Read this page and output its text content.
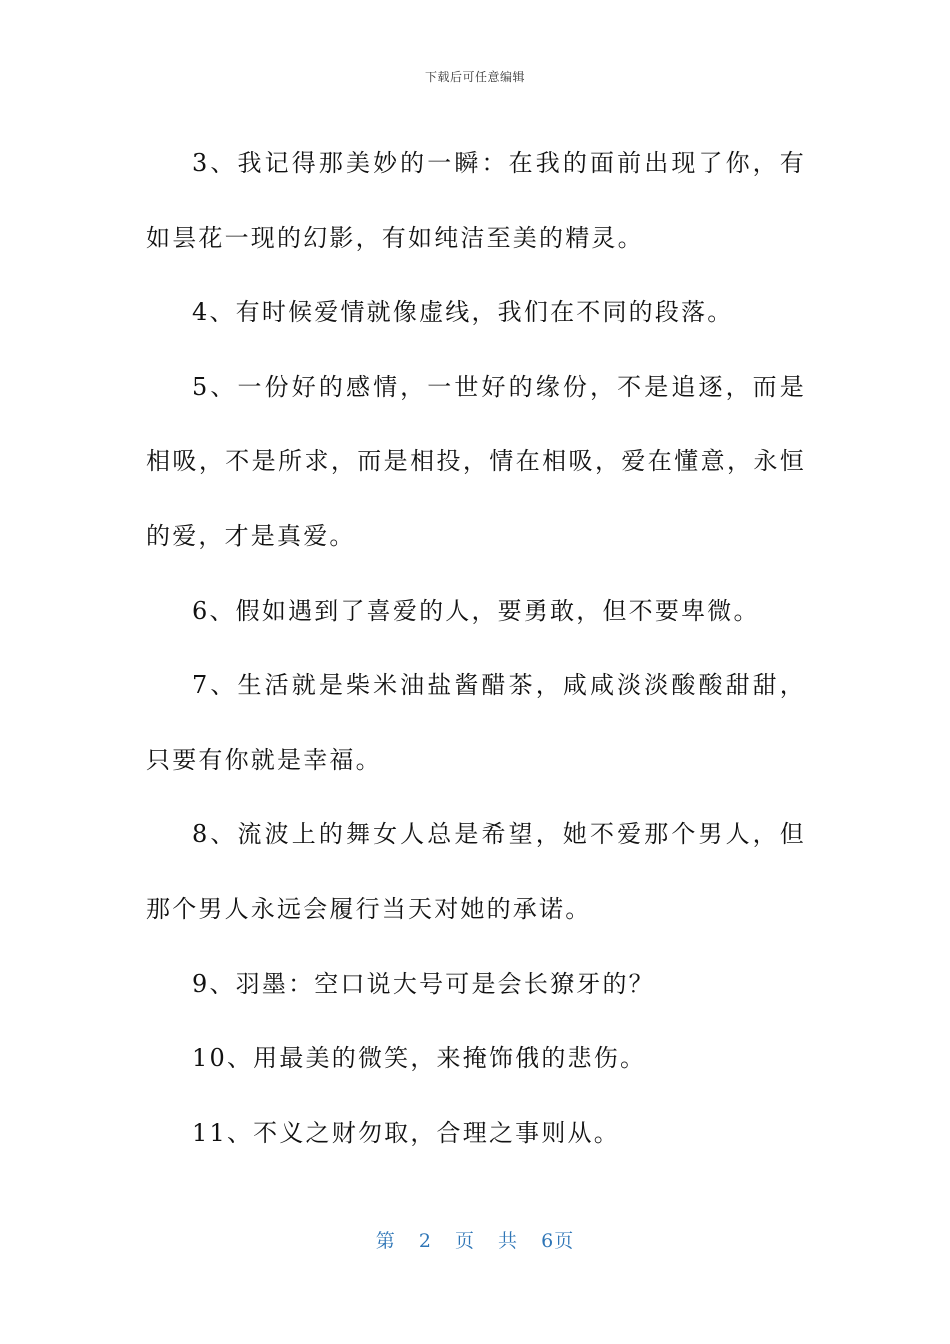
下载后可任意编辑

3、我记得那美妙的一瞬：在我的面前出现了你，有如昙花一现的幻影，有如纯洁至美的精灵。

4、有时候爱情就像虚线，我们在不同的段落。

5、一份好的感情，一世好的缘份，不是追逐，而是相吸，不是所求，而是相投，情在相吸，爱在懂意，永恒的爱，才是真爱。

6、假如遇到了喜爱的人，要勇敢，但不要卑微。

7、生活就是柴米油盐酱醋茶，咸咸淡淡酸酸甜甜，只要有你就是幸福。

8、流波上的舞女人总是希望，她不爱那个男人，但那个男人永远会履行当天对她的承诺。

9、羽墨：空口说大号可是会长獠牙的？

10、用最美的微笑，来掩饰俄的悲伤。

11、不义之财勿取，合理之事则从。

第 2 页 共 6页
